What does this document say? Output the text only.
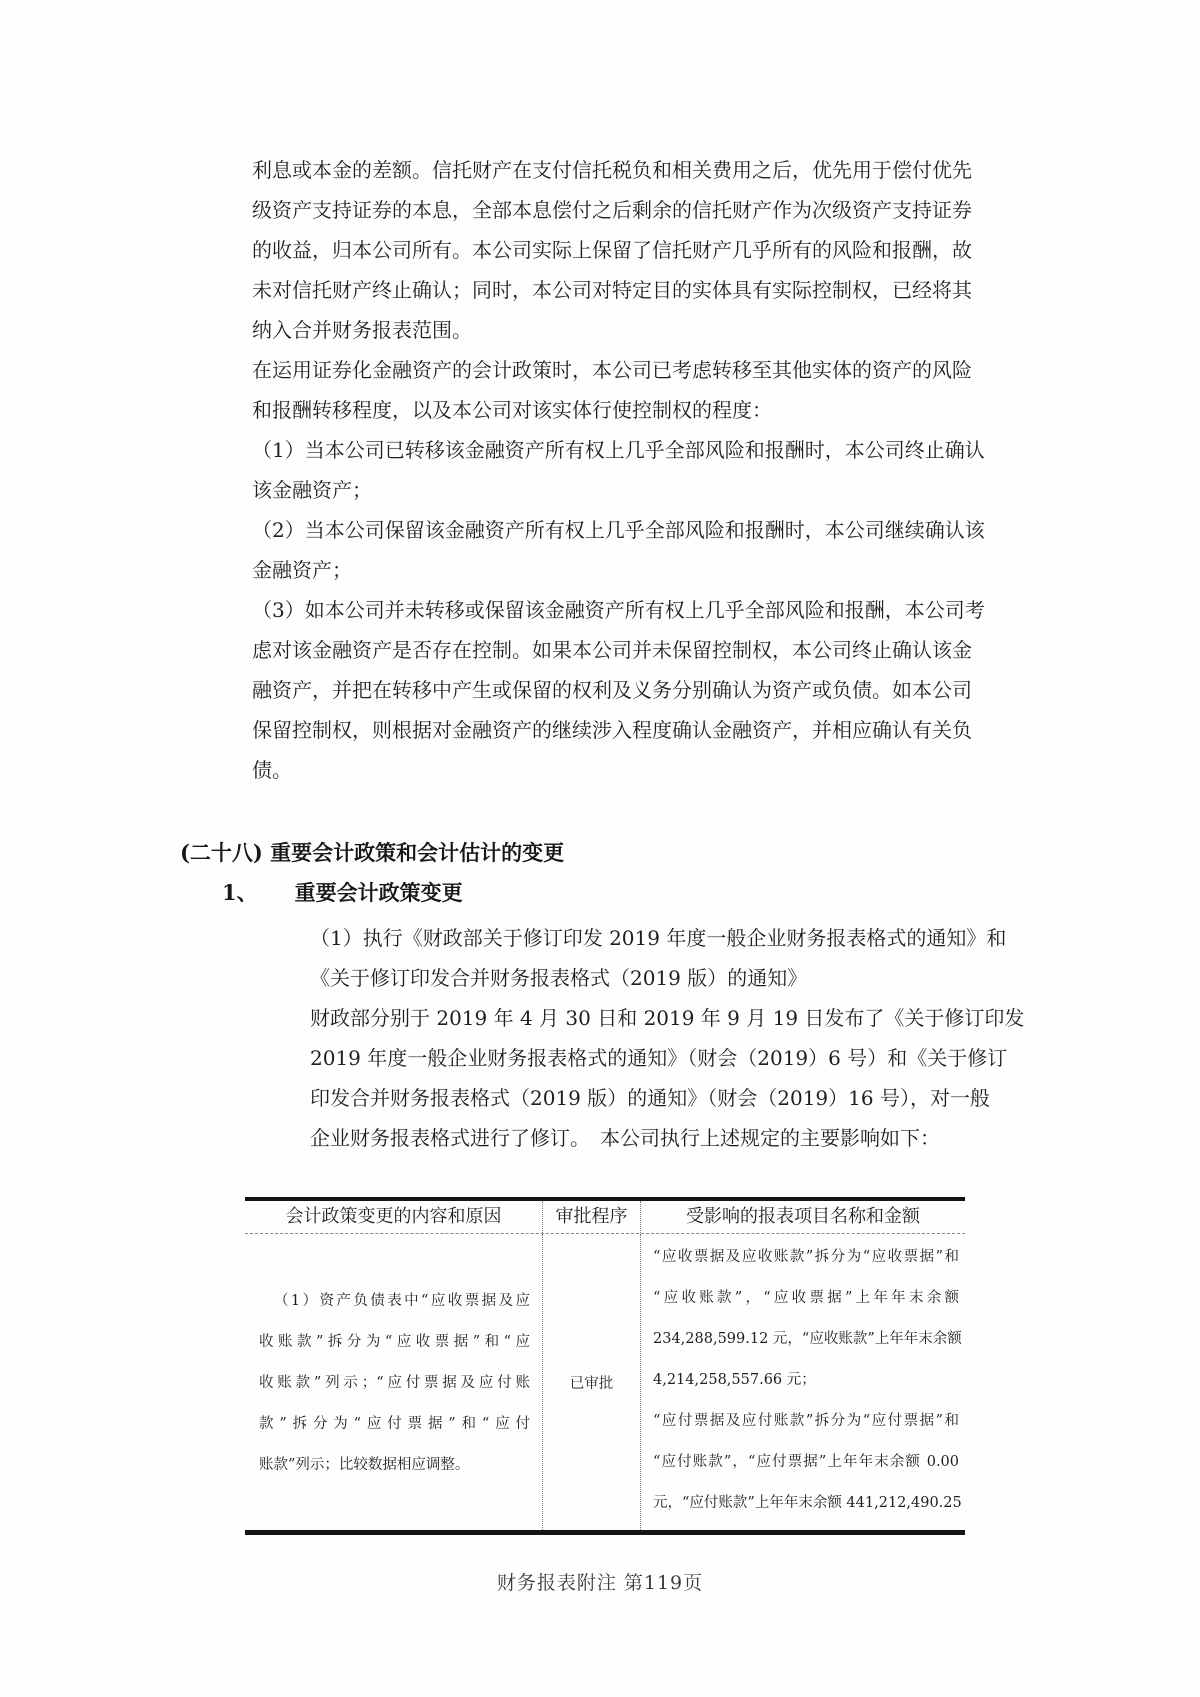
利息或本金的差额。信托财产在支付信托税负和相关费用之后，优先用于偿付优先
级资产支持证券的本息，全部本息偿付之后剩余的信托财产作为次级资产支持证券
的收益，归本公司所有。本公司实际上保留了信托财产几乎所有的风险和报酬，故
未对信托财产终止确认；同时，本公司对特定目的实体具有实际控制权，已经将其
纳入合并财务报表范围。
在运用证券化金融资产的会计政策时，本公司已考虑转移至其他实体的资产的风险
和报酬转移程度，以及本公司对该实体行使控制权的程度：
（1）当本公司已转移该金融资产所有权上几乎全部风险和报酬时，本公司终止确认
该金融资产；
（2）当本公司保留该金融资产所有权上几乎全部风险和报酬时，本公司继续确认该
金融资产；
（3）如本公司并未转移或保留该金融资产所有权上几乎全部风险和报酬，本公司考
虑对该金融资产是否存在控制。如果本公司并未保留控制权，本公司终止确认该金
融资产，并把在转移中产生或保留的权利及义务分别确认为资产或负债。如本公司
保留控制权，则根据对金融资产的继续涉入程度确认金融资产，并相应确认有关负
债。
(二十八) 重要会计政策和会计估计的变更
1、 重要会计政策变更
（1）执行《财政部关于修订印发 2019 年度一般企业财务报表格式的通知》和
《关于修订印发合并财务报表格式（2019 版）的通知》
财政部分别于 2019 年 4 月 30 日和 2019 年 9 月 19 日发布了《关于修订印发
2019 年度一般企业财务报表格式的通知》（财会（2019）6 号）和《关于修订
印发合并财务报表格式（2019 版）的通知》（财会（2019）16 号），对一般
企业财务报表格式进行了修订。　本公司执行上述规定的主要影响如下：
会计政策变更的内容和原因	审批程序	受影响的报表项目名称和金额
（1）资产负债表中“应收票据及应
收账款”拆分为“应收票据”和“应
收账款”列示；“应付票据及应付账
款”拆分为“应付票据”和“应付
账款”列示；比较数据相应调整。
已审批
“应收票据及应收账款”拆分为“应收票据”和
“应收账款”，“应收票据”上年年末余额
234,288,599.12 元，“应收账款”上年年末余额
4,214,258,557.66 元；
“应付票据及应付账款”拆分为“应付票据”和
“应付账款”，“应付票据”上年年末余额 0.00
元，“应付账款”上年年末余额 441,212,490.25
财务报表附注 第119页
